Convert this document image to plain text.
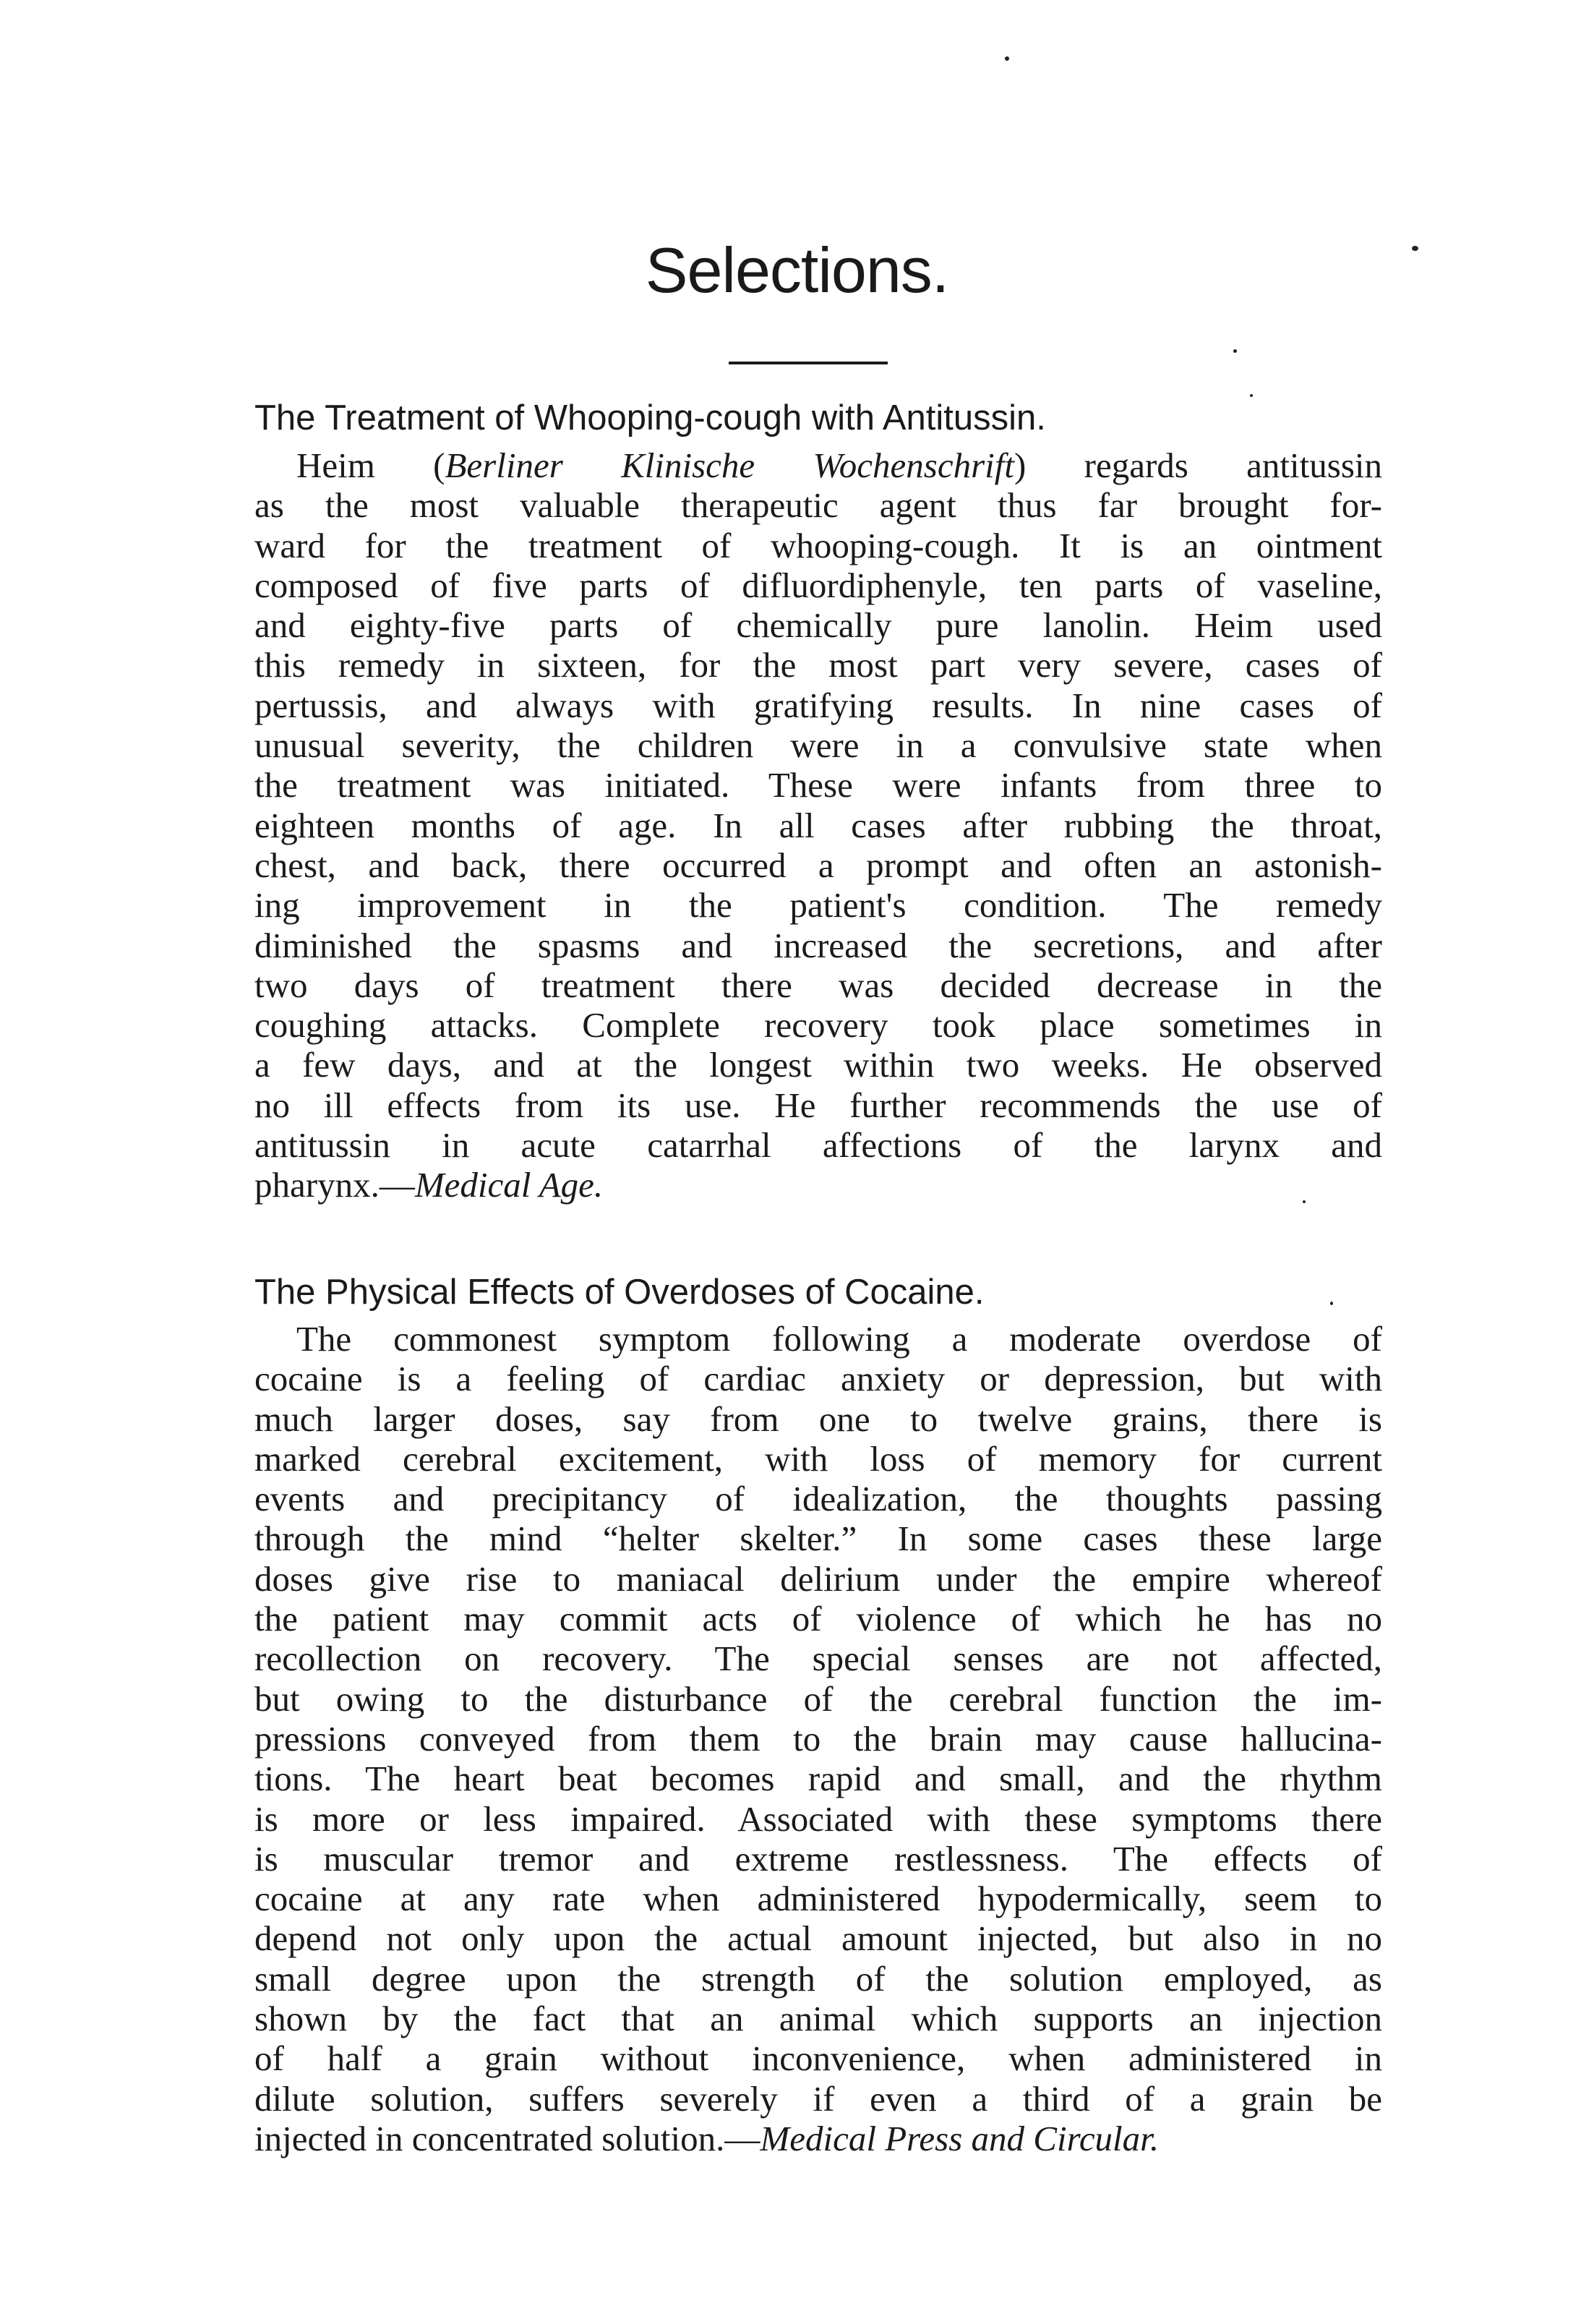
Selections.
The Treatment of Whooping-cough with Antitussin.
Heim (Berliner Klinische Wochenschrift) regards antitussin
as the most valuable therapeutic agent thus far brought for-
ward for the treatment of whooping-cough. It is an ointment
composed of five parts of difluordiphenyle, ten parts of vaseline,
and eighty-five parts of chemically pure lanolin. Heim used
this remedy in sixteen, for the most part very severe, cases of
pertussis, and always with gratifying results. In nine cases of
unusual severity, the children were in a convulsive state when
the treatment was initiated. These were infants from three to
eighteen months of age. In all cases after rubbing the throat,
chest, and back, there occurred a prompt and often an astonish-
ing improvement in the patient's condition. The remedy
diminished the spasms and increased the secretions, and after
two days of treatment there was decided decrease in the
coughing attacks. Complete recovery took place sometimes in
a few days, and at the longest within two weeks. He observed
no ill effects from its use. He further recommends the use of
antitussin in acute catarrhal affections of the larynx and
pharynx.—Medical Age.
The Physical Effects of Overdoses of Cocaine.
The commonest symptom following a moderate overdose of
cocaine is a feeling of cardiac anxiety or depression, but with
much larger doses, say from one to twelve grains, there is
marked cerebral excitement, with loss of memory for current
events and precipitancy of idealization, the thoughts passing
through the mind “helter skelter.” In some cases these large
doses give rise to maniacal delirium under the empire whereof
the patient may commit acts of violence of which he has no
recollection on recovery. The special senses are not affected,
but owing to the disturbance of the cerebral function the im-
pressions conveyed from them to the brain may cause hallucina-
tions. The heart beat becomes rapid and small, and the rhythm
is more or less impaired. Associated with these symptoms there
is muscular tremor and extreme restlessness. The effects of
cocaine at any rate when administered hypodermically, seem to
depend not only upon the actual amount injected, but also in no
small degree upon the strength of the solution employed, as
shown by the fact that an animal which supports an injection
of half a grain without inconvenience, when administered in
dilute solution, suffers severely if even a third of a grain be
injected in concentrated solution.—Medical Press and Circular.
